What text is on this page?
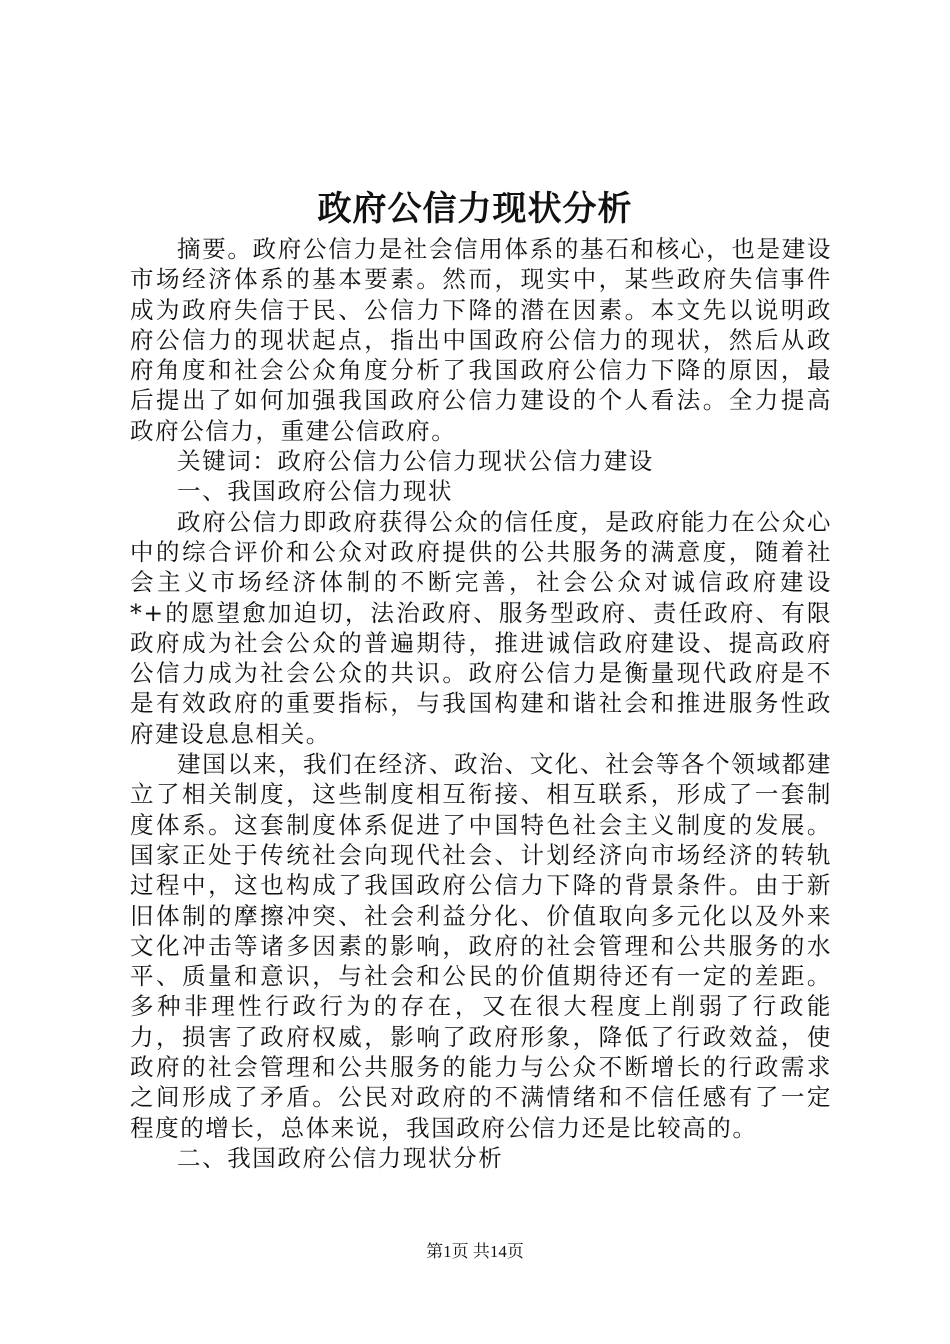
政府公信力现状分析

摘要。政府公信力是社会信用体系的基石和核心，也是建设市场经济体系的基本要素。然而，现实中，某些政府失信事件成为政府失信于民、公信力下降的潜在因素。本文先以说明政府公信力的现状起点，指出中国政府公信力的现状，然后从政府角度和社会公众角度分析了我国政府公信力下降的原因，最后提出了如何加强我国政府公信力建设的个人看法。全力提高政府公信力，重建公信政府。

关键词：政府公信力公信力现状公信力建设

一、我国政府公信力现状

政府公信力即政府获得公众的信任度，是政府能力在公众心中的综合评价和公众对政府提供的公共服务的满意度，随着社会主义市场经济体制的不断完善，社会公众对诚信政府建设*+的愿望愈加迫切，法治政府、服务型政府、责任政府、有限政府成为社会公众的普遍期待，推进诚信政府建设、提高政府公信力成为社会公众的共识。政府公信力是衡量现代政府是不是有效政府的重要指标，与我国构建和谐社会和推进服务性政府建设息息相关。

建国以来，我们在经济、政治、文化、社会等各个领域都建立了相关制度，这些制度相互衔接、相互联系，形成了一套制度体系。这套制度体系促进了中国特色社会主义制度的发展。国家正处于传统社会向现代社会、计划经济向市场经济的转轨过程中，这也构成了我国政府公信力下降的背景条件。由于新旧体制的摩擦冲突、社会利益分化、价值取向多元化以及外来文化冲击等诸多因素的影响，政府的社会管理和公共服务的水平、质量和意识，与社会和公民的价值期待还有一定的差距。多种非理性行政行为的存在，又在很大程度上削弱了行政能力，损害了政府权威，影响了政府形象，降低了行政效益，使政府的社会管理和公共服务的能力与公众不断增长的行政需求之间形成了矛盾。公民对政府的不满情绪和不信任感有了一定程度的增长，总体来说，我国政府公信力还是比较高的。

二、我国政府公信力现状分析

第1页 共14页
